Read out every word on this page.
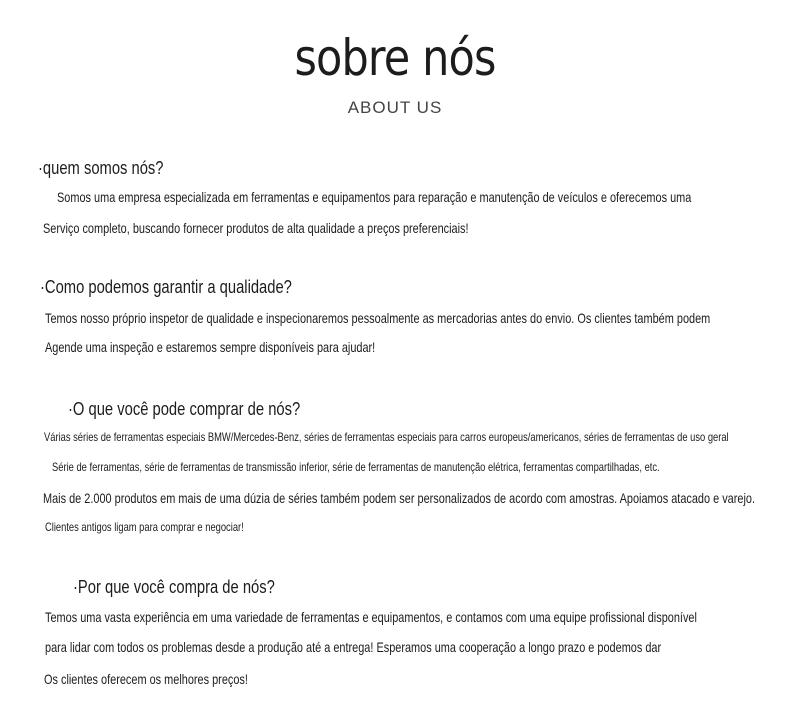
sobre nós
ABOUT US
·quem somos nós?
Somos uma empresa especializada em ferramentas e equipamentos para reparação e manutenção de veículos e oferecemos uma
Serviço completo, buscando fornecer produtos de alta qualidade a preços preferenciais!
·Como podemos garantir a qualidade?
Temos nosso próprio inspetor de qualidade e inspecionaremos pessoalmente as mercadorias antes do envio. Os clientes também podem
Agende uma inspeção e estaremos sempre disponíveis para ajudar!
·O que você pode comprar de nós?
Várias séries de ferramentas especiais BMW/Mercedes-Benz, séries de ferramentas especiais para carros europeus/americanos, séries de ferramentas de uso geral
Série de ferramentas, série de ferramentas de transmissão inferior, série de ferramentas de manutenção elétrica, ferramentas compartilhadas, etc.
Mais de 2.000 produtos em mais de uma dúzia de séries também podem ser personalizados de acordo com amostras. Apoiamos atacado e varejo.
Clientes antigos ligam para comprar e negociar!
·Por que você compra de nós?
Temos uma vasta experiência em uma variedade de ferramentas e equipamentos, e contamos com uma equipe profissional disponível
para lidar com todos os problemas desde a produção até a entrega! Esperamos uma cooperação a longo prazo e podemos dar
Os clientes oferecem os melhores preços!
